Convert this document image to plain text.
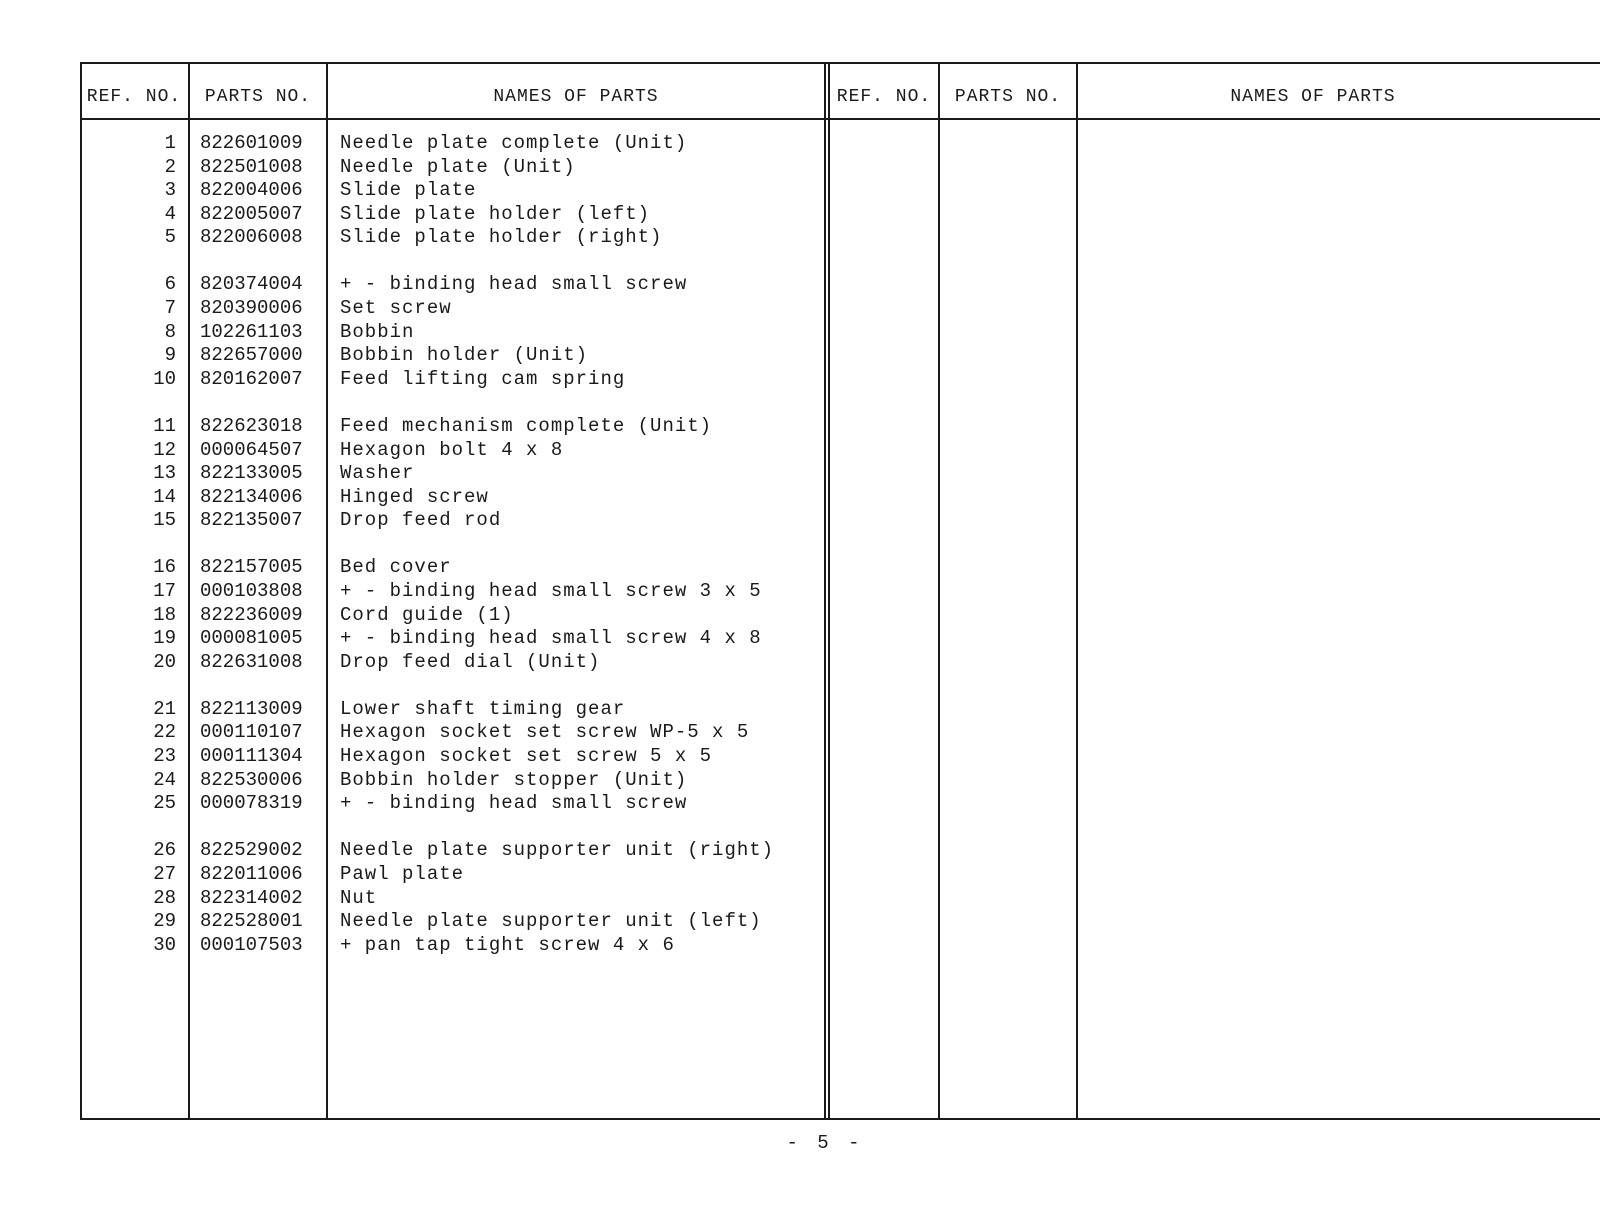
REF. NO.	PARTS NO.	NAMES OF PARTS	REF. NO.	PARTS NO.	NAMES OF PARTS
1 822601009 Needle plate complete (Unit)
2 822501008 Needle plate (Unit)
3 822004006 Slide plate
4 822005007 Slide plate holder (left)
5 822006008 Slide plate holder (right)
6 820374004 + - binding head small screw
7 820390006 Set screw
8 102261103 Bobbin
9 822657000 Bobbin holder (Unit)
10 820162007 Feed lifting cam spring
11 822623018 Feed mechanism complete (Unit)
12 000064507 Hexagon bolt 4 x 8
13 822133005 Washer
14 822134006 Hinged screw
15 822135007 Drop feed rod
16 822157005 Bed cover
17 000103808 + - binding head small screw 3 x 5
18 822236009 Cord guide (1)
19 000081005 + - binding head small screw 4 x 8
20 822631008 Drop feed dial (Unit)
21 822113009 Lower shaft timing gear
22 000110107 Hexagon socket set screw WP-5 x 5
23 000111304 Hexagon socket set screw 5 x 5
24 822530006 Bobbin holder stopper (Unit)
25 000078319 + - binding head small screw
26 822529002 Needle plate supporter unit (right)
27 822011006 Pawl plate
28 822314002 Nut
29 822528001 Needle plate supporter unit (left)
30 000107503 + pan tap tight screw 4 x 6
- 5 -
